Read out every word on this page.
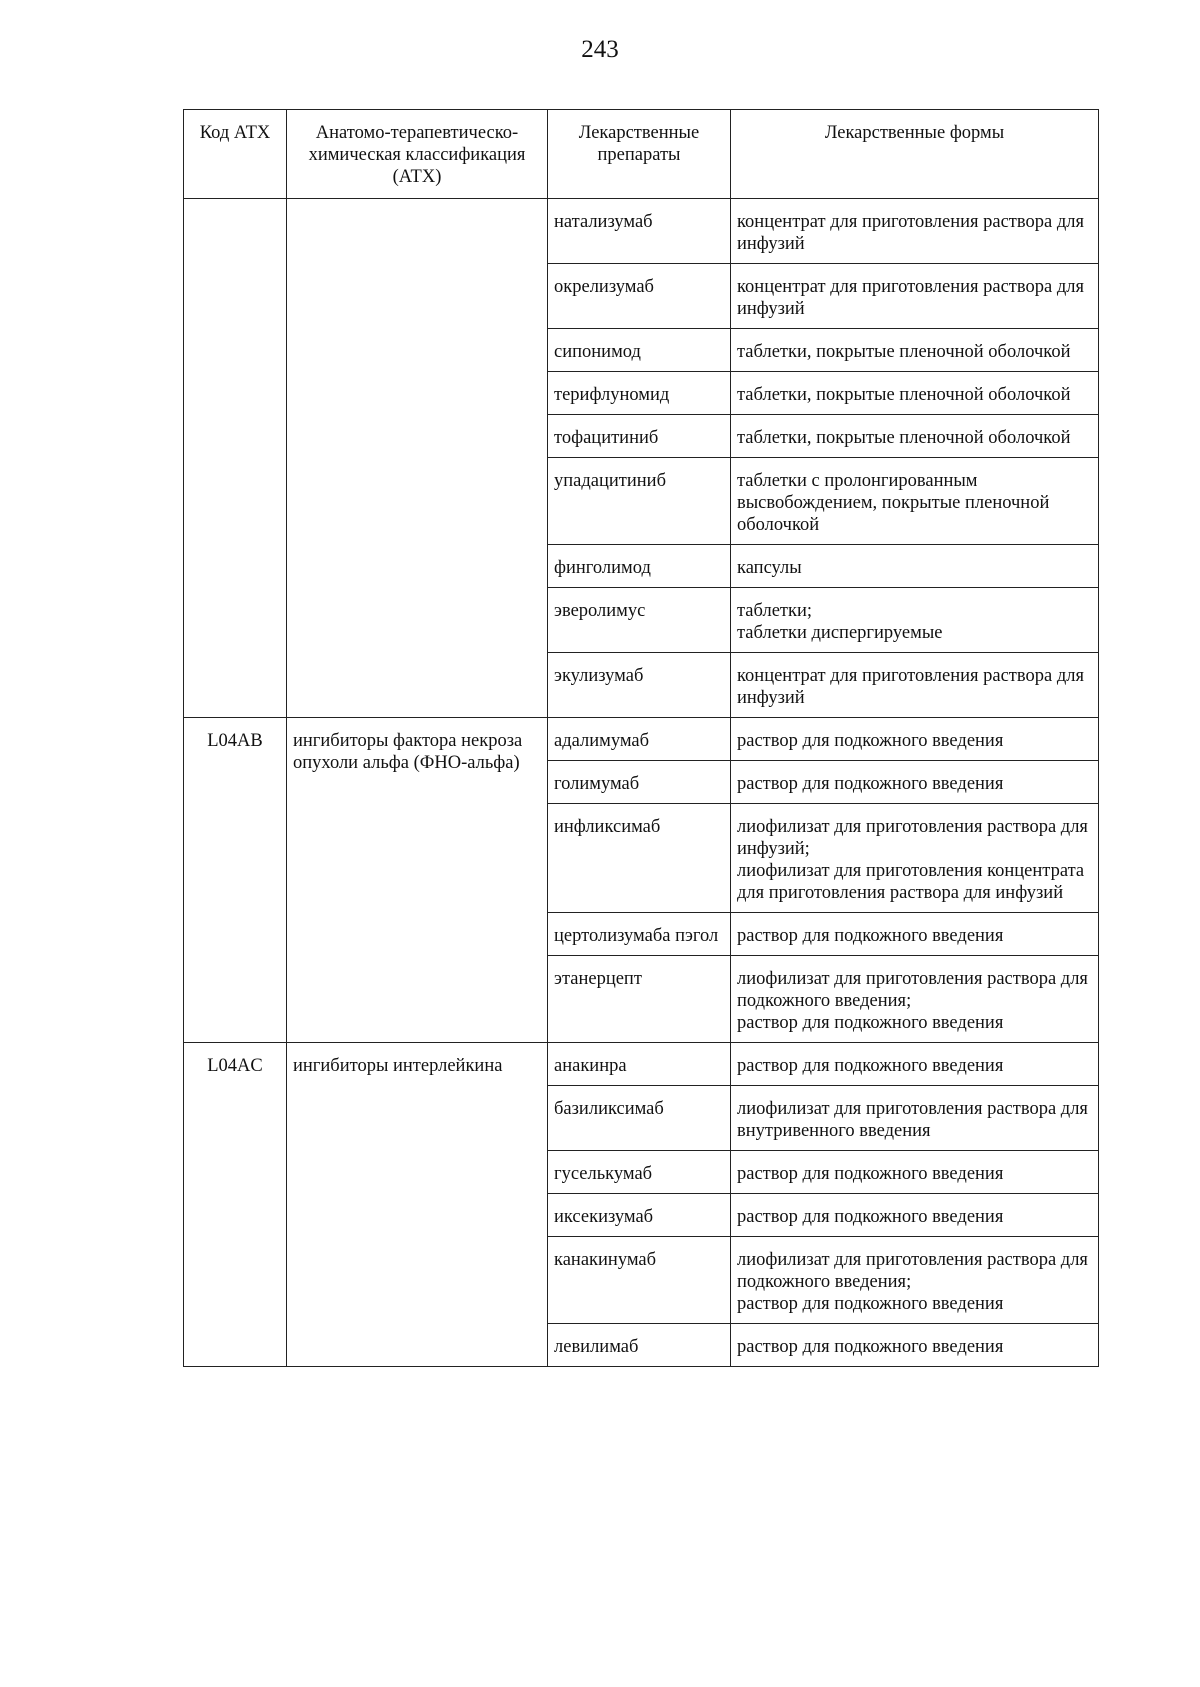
243
Код АТХ	Анатомо-терапевтическо-химическая классификация (АТХ)	Лекарственные препараты	Лекарственные формы
		натализумаб	концентрат для приготовления раствора для инфузий
		окрелизумаб	концентрат для приготовления раствора для инфузий
		сипонимод	таблетки, покрытые пленочной оболочкой
		терифлуномид	таблетки, покрытые пленочной оболочкой
		тофацитиниб	таблетки, покрытые пленочной оболочкой
		упадацитиниб	таблетки с пролонгированным высвобождением, покрытые пленочной оболочкой
		финголимод	капсулы
		эверолимус	таблетки;
таблетки диспергируемые

		экулизумаб	концентрат для приготовления раствора для инфузий
L04AB	ингибиторы фактора некроза опухоли альфа (ФНО-альфа)	адалимумаб	раствор для подкожного введения
		голимумаб	раствор для подкожного введения
		инфликсимаб	лиофилизат для приготовления раствора для инфузий;
лиофилизат для приготовления концентрата для приготовления раствора для инфузий

		цертолизумаба пэгол	раствор для подкожного введения
		этанерцепт	лиофилизат для приготовления раствора для подкожного введения;
раствор для подкожного введения

L04AC	ингибиторы интерлейкина	анакинра	раствор для подкожного введения
		базиликсимаб	лиофилизат для приготовления раствора для внутривенного введения
		гуселькумаб	раствор для подкожного введения
		иксекизумаб	раствор для подкожного введения
		канакинумаб	лиофилизат для приготовления раствора для подкожного введения;
раствор для подкожного введения

		левилимаб	раствор для подкожного введения
